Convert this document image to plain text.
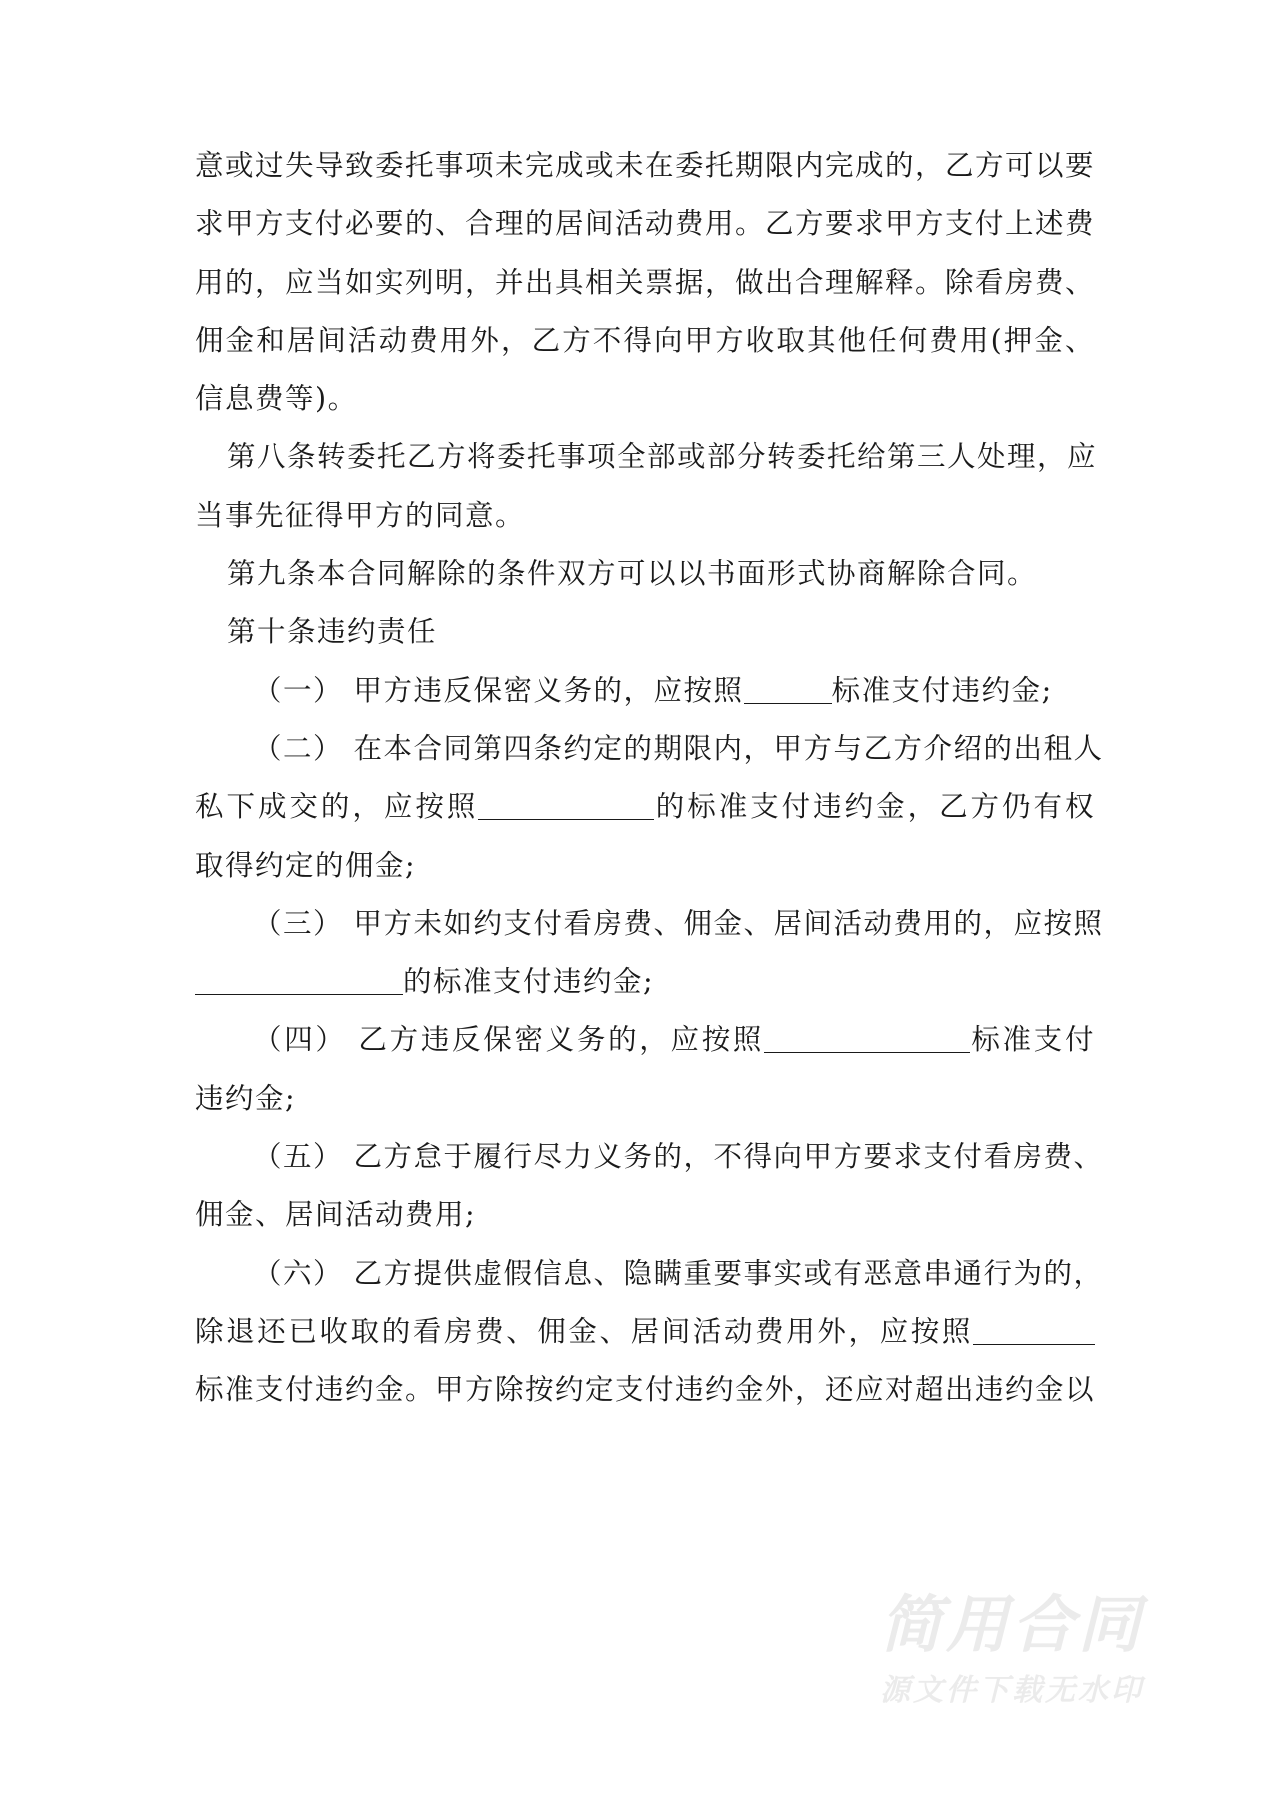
意或过失导致委托事项未完成或未在委托期限内完成的，乙方可以要
求甲方支付必要的、合理的居间活动费用。乙方要求甲方支付上述费
用的，应当如实列明，并出具相关票据，做出合理解释。除看房费、
佣金和居间活动费用外，乙方不得向甲方收取其他任何费用(押金、
信息费等)。
第八条转委托乙方将委托事项全部或部分转委托给第三人处理，应
当事先征得甲方的同意。
第九条本合同解除的条件双方可以以书面形式协商解除合同。
第十条违约责任
（一） 甲方违反保密义务的，应按照	标准支付违约金;
（二） 在本合同第四条约定的期限内，甲方与乙方介绍的出租人
私下成交的，应按照	的标准支付违约金，乙方仍有权
取得约定的佣金;
（三） 甲方未如约支付看房费、佣金、居间活动费用的，应按照
的标准支付违约金;
（四） 乙方违反保密义务的，应按照	标准支付
违约金;
（五） 乙方怠于履行尽力义务的，不得向甲方要求支付看房费、
佣金、居间活动费用;
（六） 乙方提供虚假信息、隐瞒重要事实或有恶意串通行为的，
除退还已收取的看房费、佣金、居间活动费用外，应按照
标准支付违约金。甲方除按约定支付违约金外，还应对超出违约金以
简用合同
源文件下载无水印
